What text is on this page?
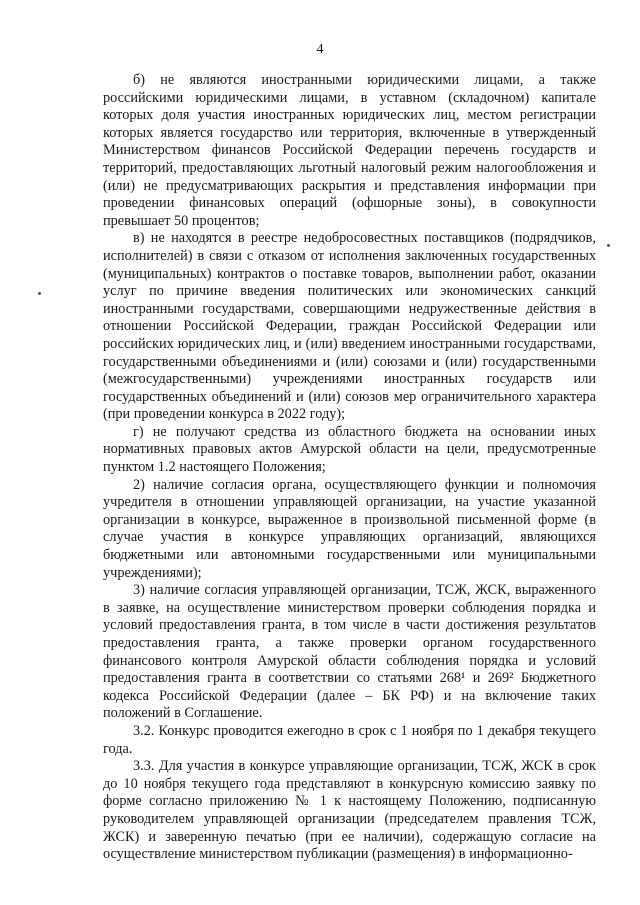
4

б) не являются иностранными юридическими лицами, а также российскими юридическими лицами, в уставном (складочном) капитале которых доля участия иностранных юридических лиц, местом регистрации которых является государство или территория, включенные в утвержденный Министерством финансов Российской Федерации перечень государств и территорий, предоставляющих льготный налоговый режим налогообложения и (или) не предусматривающих раскрытия и представления информации при проведении финансовых операций (офшорные зоны), в совокупности превышает 50 процентов;

в) не находятся в реестре недобросовестных поставщиков (подрядчиков, исполнителей) в связи с отказом от исполнения заключенных государственных (муниципальных) контрактов о поставке товаров, выполнении работ, оказании услуг по причине введения политических или экономических санкций иностранными государствами, совершающими недружественные действия в отношении Российской Федерации, граждан Российской Федерации или российских юридических лиц, и (или) введением иностранными государствами, государственными объединениями и (или) союзами и (или) государственными (межгосударственными) учреждениями иностранных государств или государственных объединений и (или) союзов мер ограничительного характера (при проведении конкурса в 2022 году);

г) не получают средства из областного бюджета на основании иных нормативных правовых актов Амурской области на цели, предусмотренные пунктом 1.2 настоящего Положения;

2) наличие согласия органа, осуществляющего функции и полномочия учредителя в отношении управляющей организации, на участие указанной организации в конкурсе, выраженное в произвольной письменной форме (в случае участия в конкурсе управляющих организаций, являющихся бюджетными или автономными государственными или муниципальными учреждениями);

3) наличие согласия управляющей организации, ТСЖ, ЖСК, выраженного в заявке, на осуществление министерством проверки соблюдения порядка и условий предоставления гранта, в том числе в части достижения результатов предоставления гранта, а также проверки органом государственного финансового контроля Амурской области соблюдения порядка и условий предоставления гранта в соответствии со статьями 268¹ и 269² Бюджетного кодекса Российской Федерации (далее – БК РФ) и на включение таких положений в Соглашение.

3.2. Конкурс проводится ежегодно в срок с 1 ноября по 1 декабря текущего года.

3.3. Для участия в конкурсе управляющие организации, ТСЖ, ЖСК в срок до 10 ноября текущего года представляют в конкурсную комиссию заявку по форме согласно приложению № 1 к настоящему Положению, подписанную руководителем управляющей организации (председателем правления ТСЖ, ЖСК) и заверенную печатью (при ее наличии), содержащую согласие на осуществление министерством публикации (размещения) в информационно-
